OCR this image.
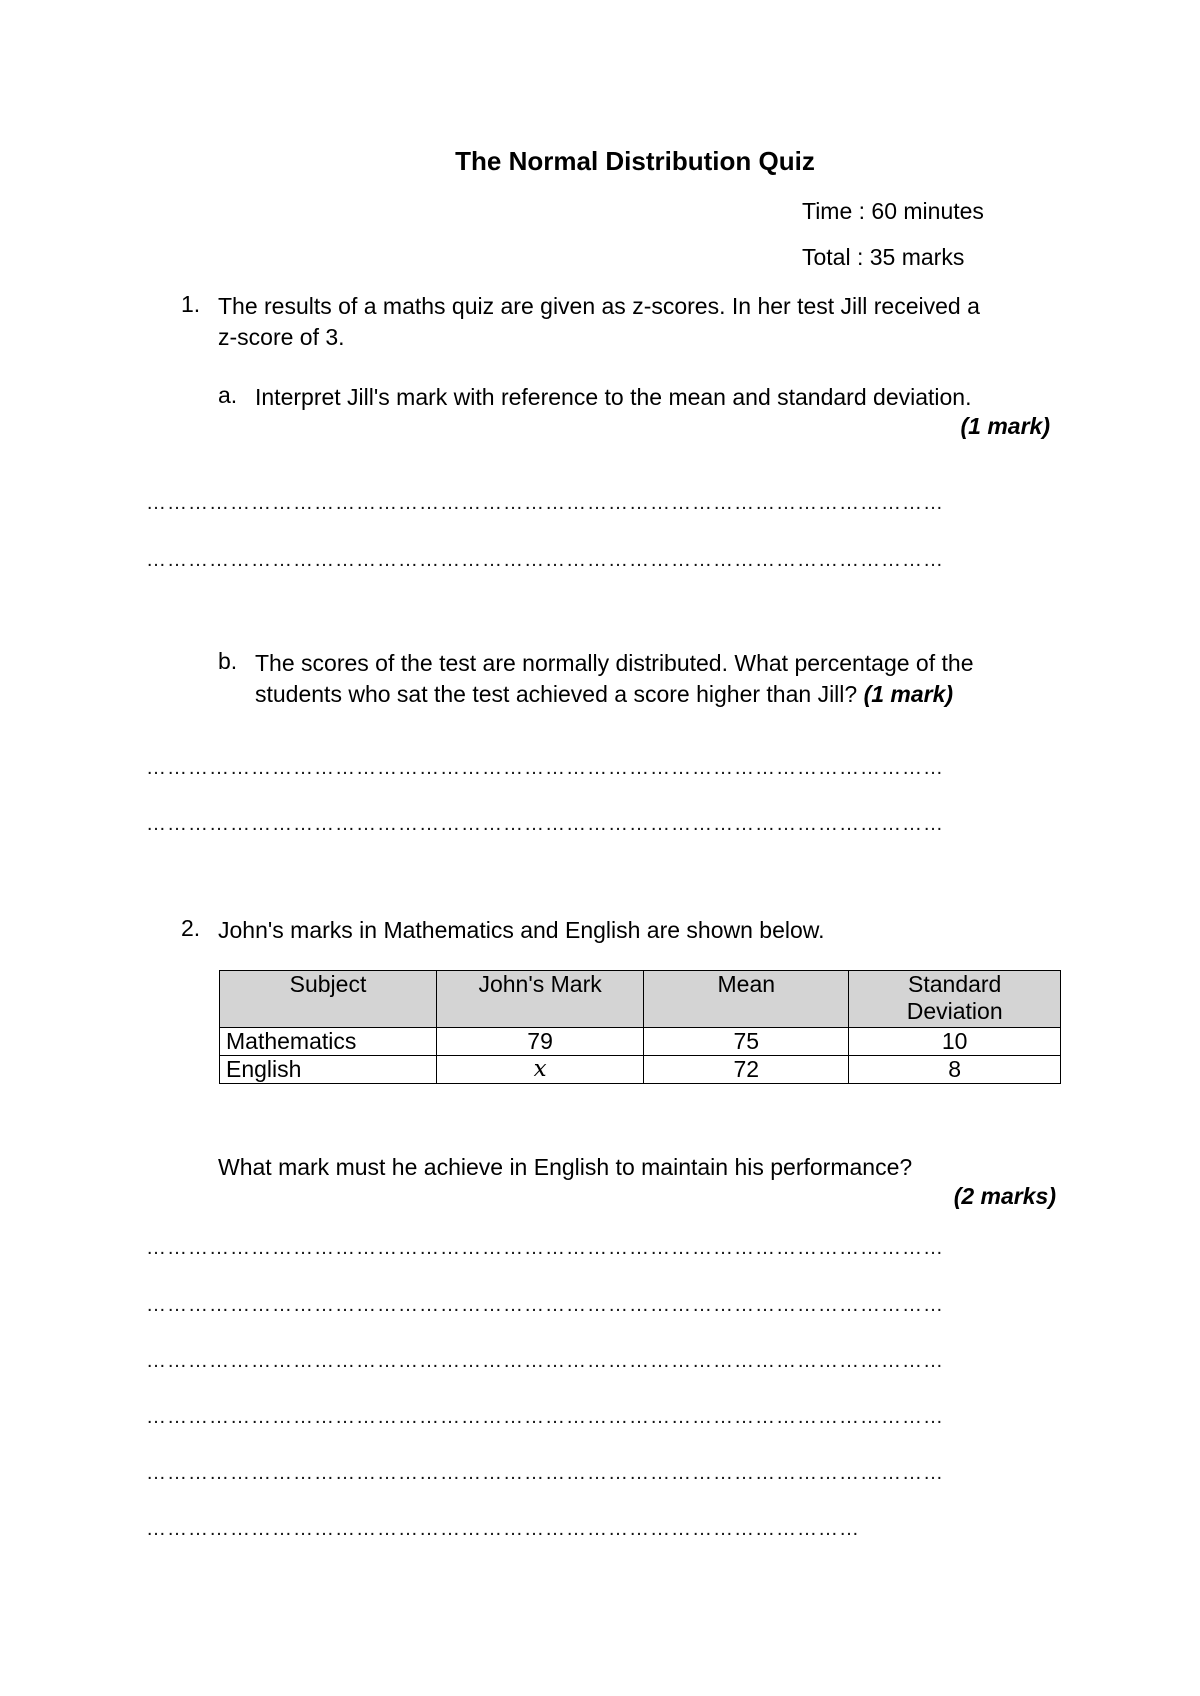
The Normal Distribution Quiz
Time : 60 minutes
Total : 35 marks
1. The results of a maths quiz are given as z-scores. In her test Jill received a
z-score of 3.
a. Interpret Jill's mark with reference to the mean and standard deviation.
(1 mark)
……………………………………………………………………………………………………
……………………………………………………………………………………………………
b. The scores of the test are normally distributed. What percentage of the
students who sat the test achieved a score higher than Jill? (1 mark)
……………………………………………………………………………………………………
……………………………………………………………………………………………………
2. John's marks in Mathematics and English are shown below.
Subject	John's Mark	Mean	Standard
Deviation
Mathematics	79	75	10
English	x	72	8
What mark must he achieve in English to maintain his performance?
(2 marks)
……………………………………………………………………………………………………
……………………………………………………………………………………………………
……………………………………………………………………………………………………
……………………………………………………………………………………………………
……………………………………………………………………………………………………
…………………………………………………………………………………………
